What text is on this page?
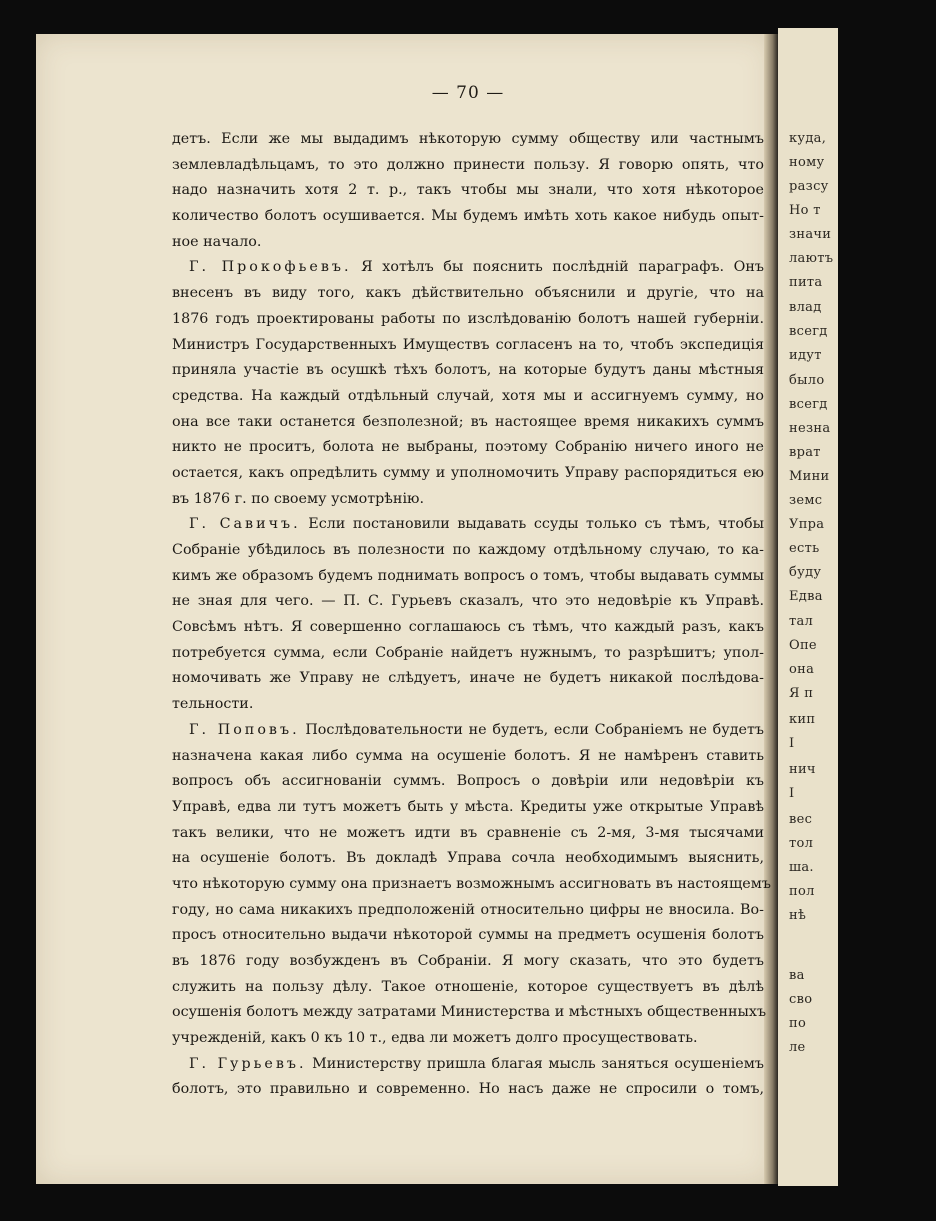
куда,
ному
разсу
Но т
значи
лаютъ
пита
влад
всегд
идут
было
всегд
незна
врат
Мини
земс
Упра
есть
буду
Едва
тал
Опе
она
Я п
кип
I
нич
I
вес
тол
ша.
пол
нѣ
ва
сво
по
ле
— 70 —
детъ. Если же мы выдадимъ нѣкоторую сумму обществу или частнымъ
землевладѣльцамъ, то это должно принести пользу. Я говорю опять, что
надо назначить хотя 2 т. р., такъ чтобы мы знали, что хотя нѣкоторое
количество болотъ осушивается. Мы будемъ имѣть хоть какое нибудь опыт-
ное начало.
Г. Прокофьевъ. Я хотѣлъ бы пояснить послѣдній параграфъ. Онъ
внесенъ въ виду того, какъ дѣйствительно объяснили и другіе, что на
1876 годъ проектированы работы по изслѣдованію болотъ нашей губерніи.
Министръ Государственныхъ Имуществъ согласенъ на то, чтобъ экспедиція
приняла участіе въ осушкѣ тѣхъ болотъ, на которые будутъ даны мѣстныя
средства. На каждый отдѣльный случай, хотя мы и ассигнуемъ сумму, но
она все таки останется безполезной; въ настоящее время никакихъ суммъ
никто не проситъ, болота не выбраны, поэтому Собранію ничего иного не
остается, какъ опредѣлить сумму и уполномочить Управу распорядиться ею
въ 1876 г. по своему усмотрѣнію.
Г. Савичъ. Если постановили выдавать ссуды только съ тѣмъ, чтобы
Собраніе убѣдилось въ полезности по каждому отдѣльному случаю, то ка-
кимъ же образомъ будемъ поднимать вопросъ о томъ, чтобы выдавать суммы
не зная для чего. — П. С. Гурьевъ сказалъ, что это недовѣріе къ Управѣ.
Совсѣмъ нѣтъ. Я совершенно соглашаюсь съ тѣмъ, что каждый разъ, какъ
потребуется сумма, если Собраніе найдетъ нужнымъ, то разрѣшитъ; упол-
номочивать же Управу не слѣдуетъ, иначе не будетъ никакой послѣдова-
тельности.
Г. Поповъ. Послѣдовательности не будетъ, если Собраніемъ не будетъ
назначена какая либо сумма на осушеніе болотъ. Я не намѣренъ ставить
вопросъ объ ассигнованіи суммъ. Вопросъ о довѣріи или недовѣріи къ
Управѣ, едва ли тутъ можетъ быть у мѣста. Кредиты уже открытые Управѣ
такъ велики, что не можетъ идти въ сравненіе съ 2-мя, 3-мя тысячами
на осушеніе болотъ. Въ докладѣ Управа сочла необходимымъ выяснить,
что нѣкоторую сумму она признаетъ возможнымъ ассигновать въ настоящемъ
году, но сама никакихъ предположеній относительно цифры не вносила. Во-
просъ относительно выдачи нѣкоторой суммы на предметъ осушенія болотъ
въ 1876 году возбужденъ въ Собраніи. Я могу сказать, что это будетъ
служить на пользу дѣлу. Такое отношеніе, которое существуетъ въ дѣлѣ
осушенія болотъ между затратами Министерства и мѣстныхъ общественныхъ
учрежденій, какъ 0 къ 10 т., едва ли можетъ долго просуществовать.
Г. Гурьевъ. Министерству пришла благая мысль заняться осушеніемъ
болотъ, это правильно и современно. Но насъ даже не спросили о томъ,
